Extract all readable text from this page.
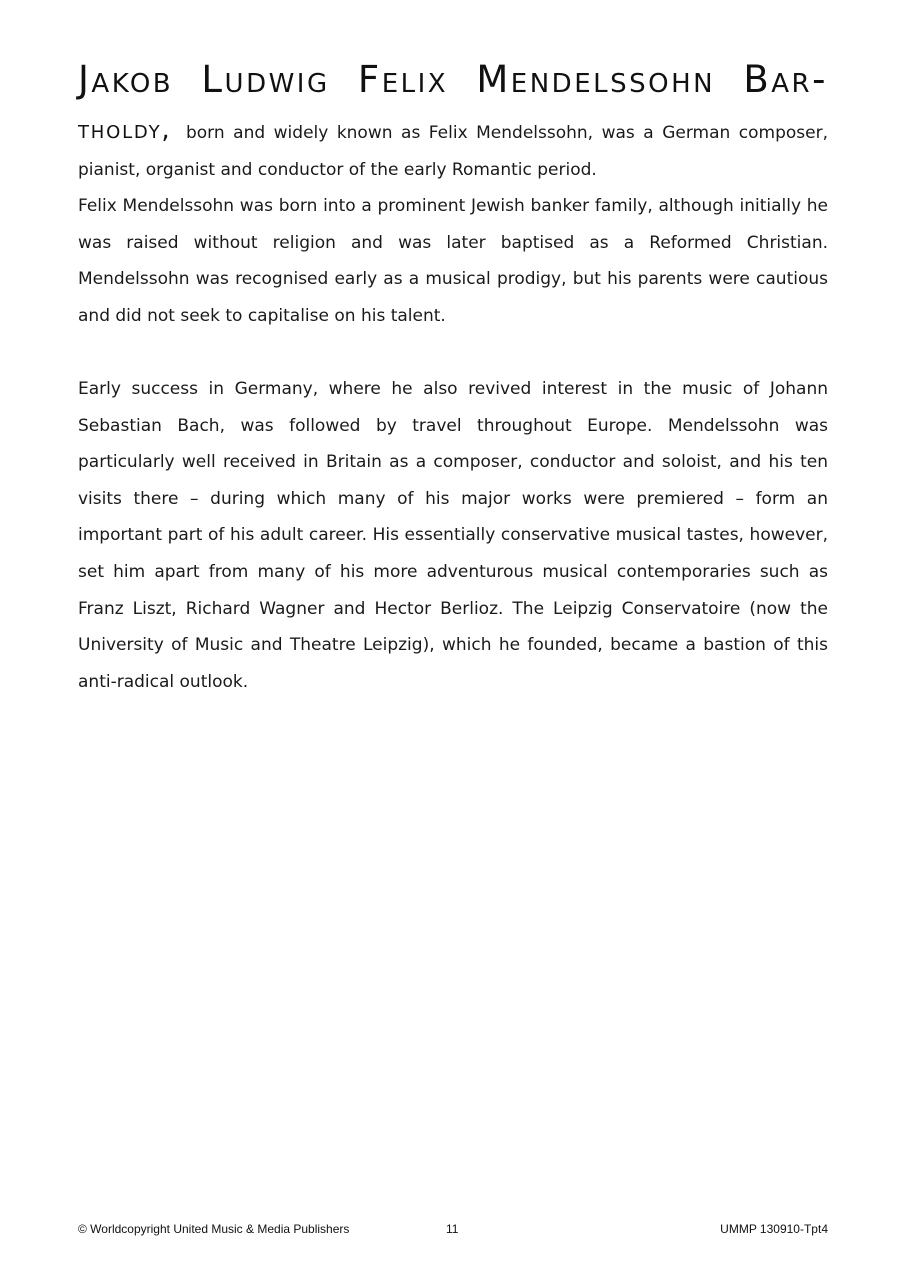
Jakob Ludwig Felix Mendelssohn Bar-
tholdy, born and widely known as Felix Mendelssohn, was a German composer, pianist, organist and conductor of the early Romantic period.

Felix Mendelssohn was born into a prominent Jewish banker family, although initially he was raised without religion and was later baptised as a Reformed Christian. Mendelssohn was recognised early as a musical prodigy, but his parents were cautious and did not seek to capitalise on his talent.

Early success in Germany, where he also revived interest in the music of Johann Sebastian Bach, was followed by travel throughout Europe. Mendelssohn was particularly well received in Britain as a composer, conductor and soloist, and his ten visits there – during which many of his major works were premiered – form an important part of his adult career. His essentially conservative musical tastes, however, set him apart from many of his more adventurous musical contemporaries such as Franz Liszt, Richard Wagner and Hector Berlioz. The Leipzig Conservatoire (now the University of Music and Theatre Leipzig), which he founded, became a bastion of this anti-radical outlook.

© Worldcopyright United Music & Media Publishers	11	UMMP 130910-Tpt4
